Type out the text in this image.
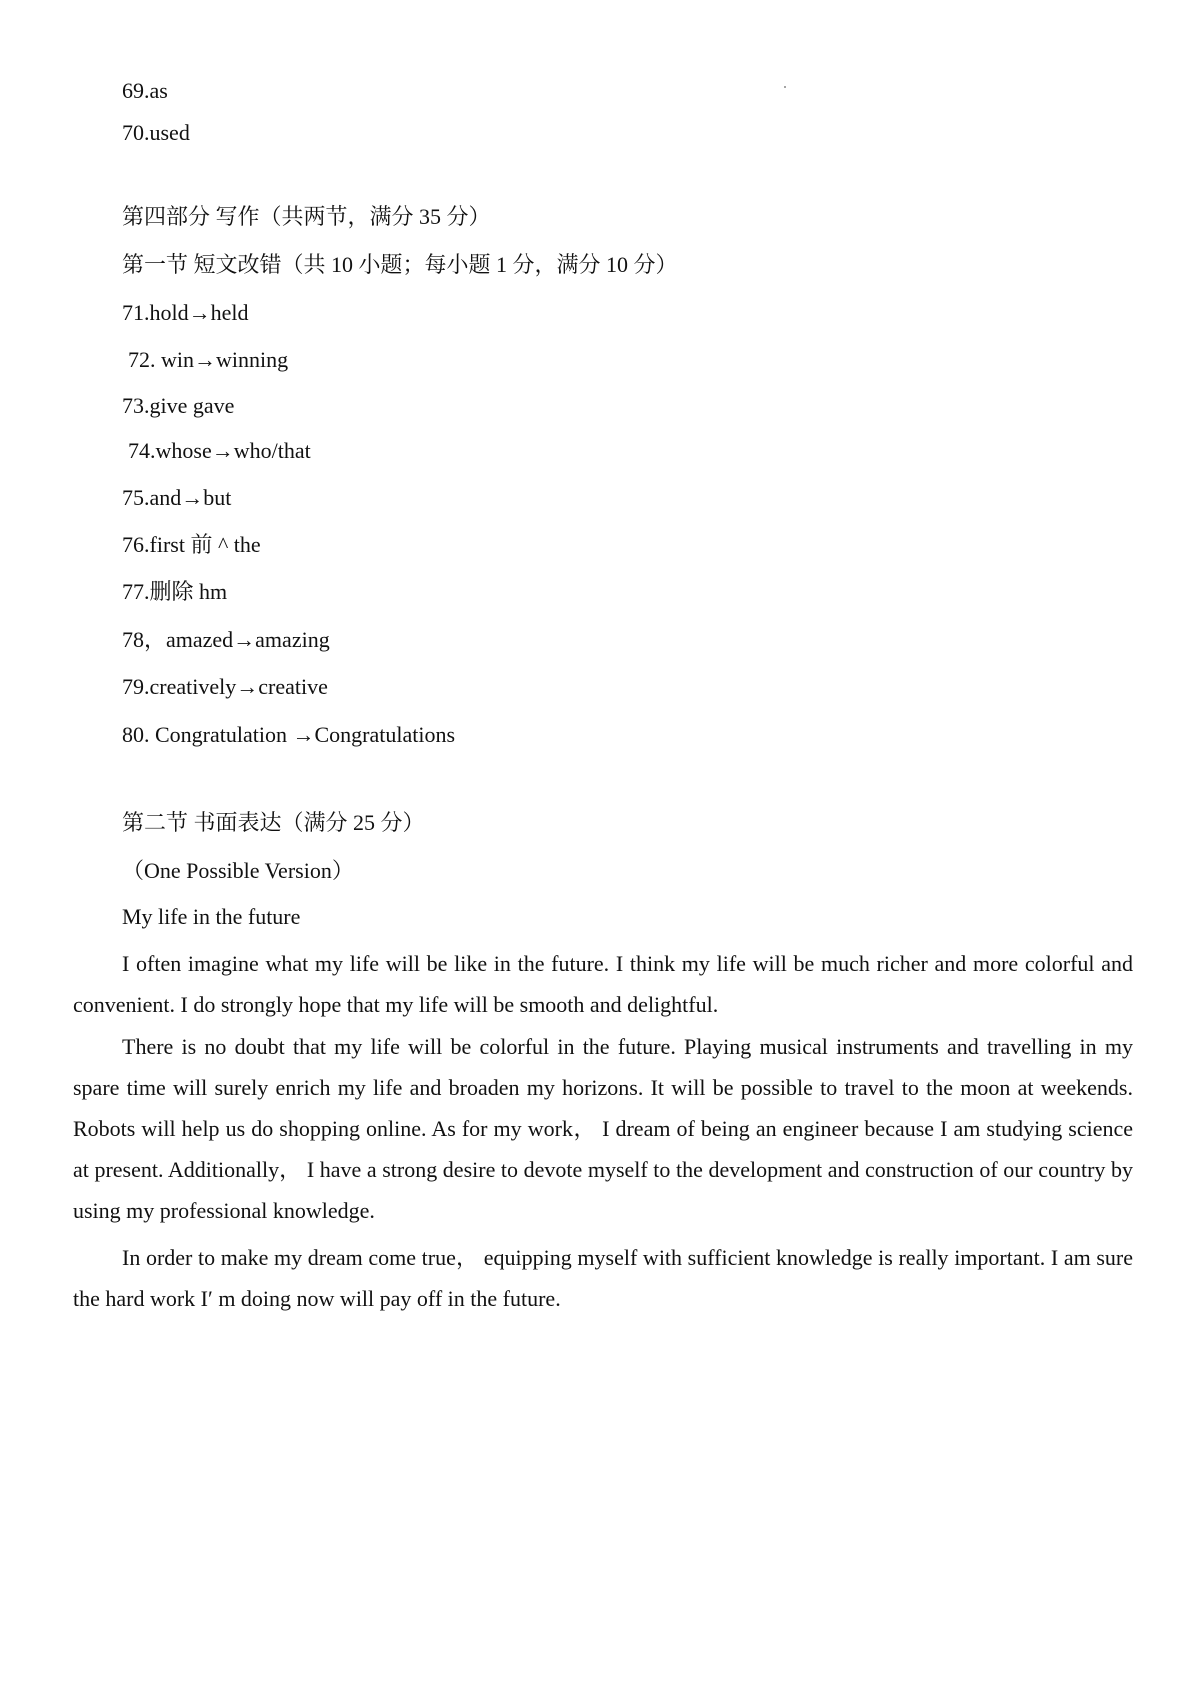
69.as
70.used
第四部分 写作（共两节，满分 35 分）
第一节 短文改错（共 10 小题；每小题 1 分，满分 10 分）
71.hold→held
72. win→winning
73.give gave
74.whose→who/that
75.and→but
76.first 前 ^ the
77.删除 hm
78，amazed→amazing
79.creatively→creative
80. Congratulation →Congratulations
第二节 书面表达（满分 25 分）
（One Possible Version）
My life in the future

I often imagine what my life will be like in the future. I think my life will be much richer and more colorful and convenient. I do strongly hope that my life will be smooth and delightful.

There is no doubt that my life will be colorful in the future. Playing musical instruments and travelling in my spare time will surely enrich my life and broaden my horizons. It will be possible to travel to the moon at weekends. Robots will help us do shopping online. As for my work， I dream of being an engineer because I am studying science at present. Additionally， I have a strong desire to devote myself to the development and construction of our country by using my professional knowledge.

In order to make my dream come true， equipping myself with sufficient knowledge is really important. I am sure the hard work I′ m doing now will pay off in the future.
